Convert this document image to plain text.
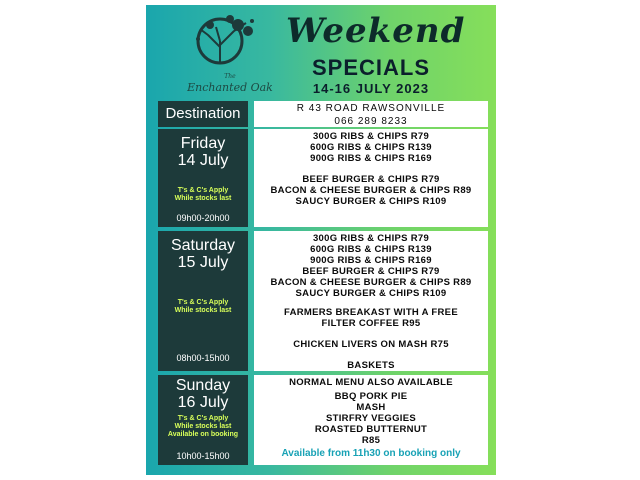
The
Enchanted Oak
Weekend
SPECIALS
14-16 JULY 2023
Destination	R 43 ROAD RAWSONVILLE
066 289 8233
Friday
14 July
T's & C's Apply
While stocks last
09h00-20h00
300G RIBS & CHIPS R79
600G RIBS & CHIPS R139
900G RIBS & CHIPS R169
BEEF BURGER & CHIPS R79
BACON & CHEESE BURGER & CHIPS R89
SAUCY BURGER & CHIPS R109
Saturday
15 July
T's & C's Apply
While stocks last
08h00-15h00
300G RIBS & CHIPS R79
600G RIBS & CHIPS R139
900G RIBS & CHIPS R169
BEEF BURGER & CHIPS R79
BACON & CHEESE BURGER & CHIPS R89
SAUCY BURGER & CHIPS R109
FARMERS BREAKAST WITH A FREE
FILTER COFFEE R95
CHICKEN LIVERS ON MASH R75
BASKETS
Sunday
16 July
T's & C's Apply
While stocks last
Available on booking
10h00-15h00
NORMAL MENU ALSO AVAILABLE
BBQ PORK PIE
MASH
STIRFRY VEGGIES
ROASTED BUTTERNUT
R85
Available from 11h30 on booking only
